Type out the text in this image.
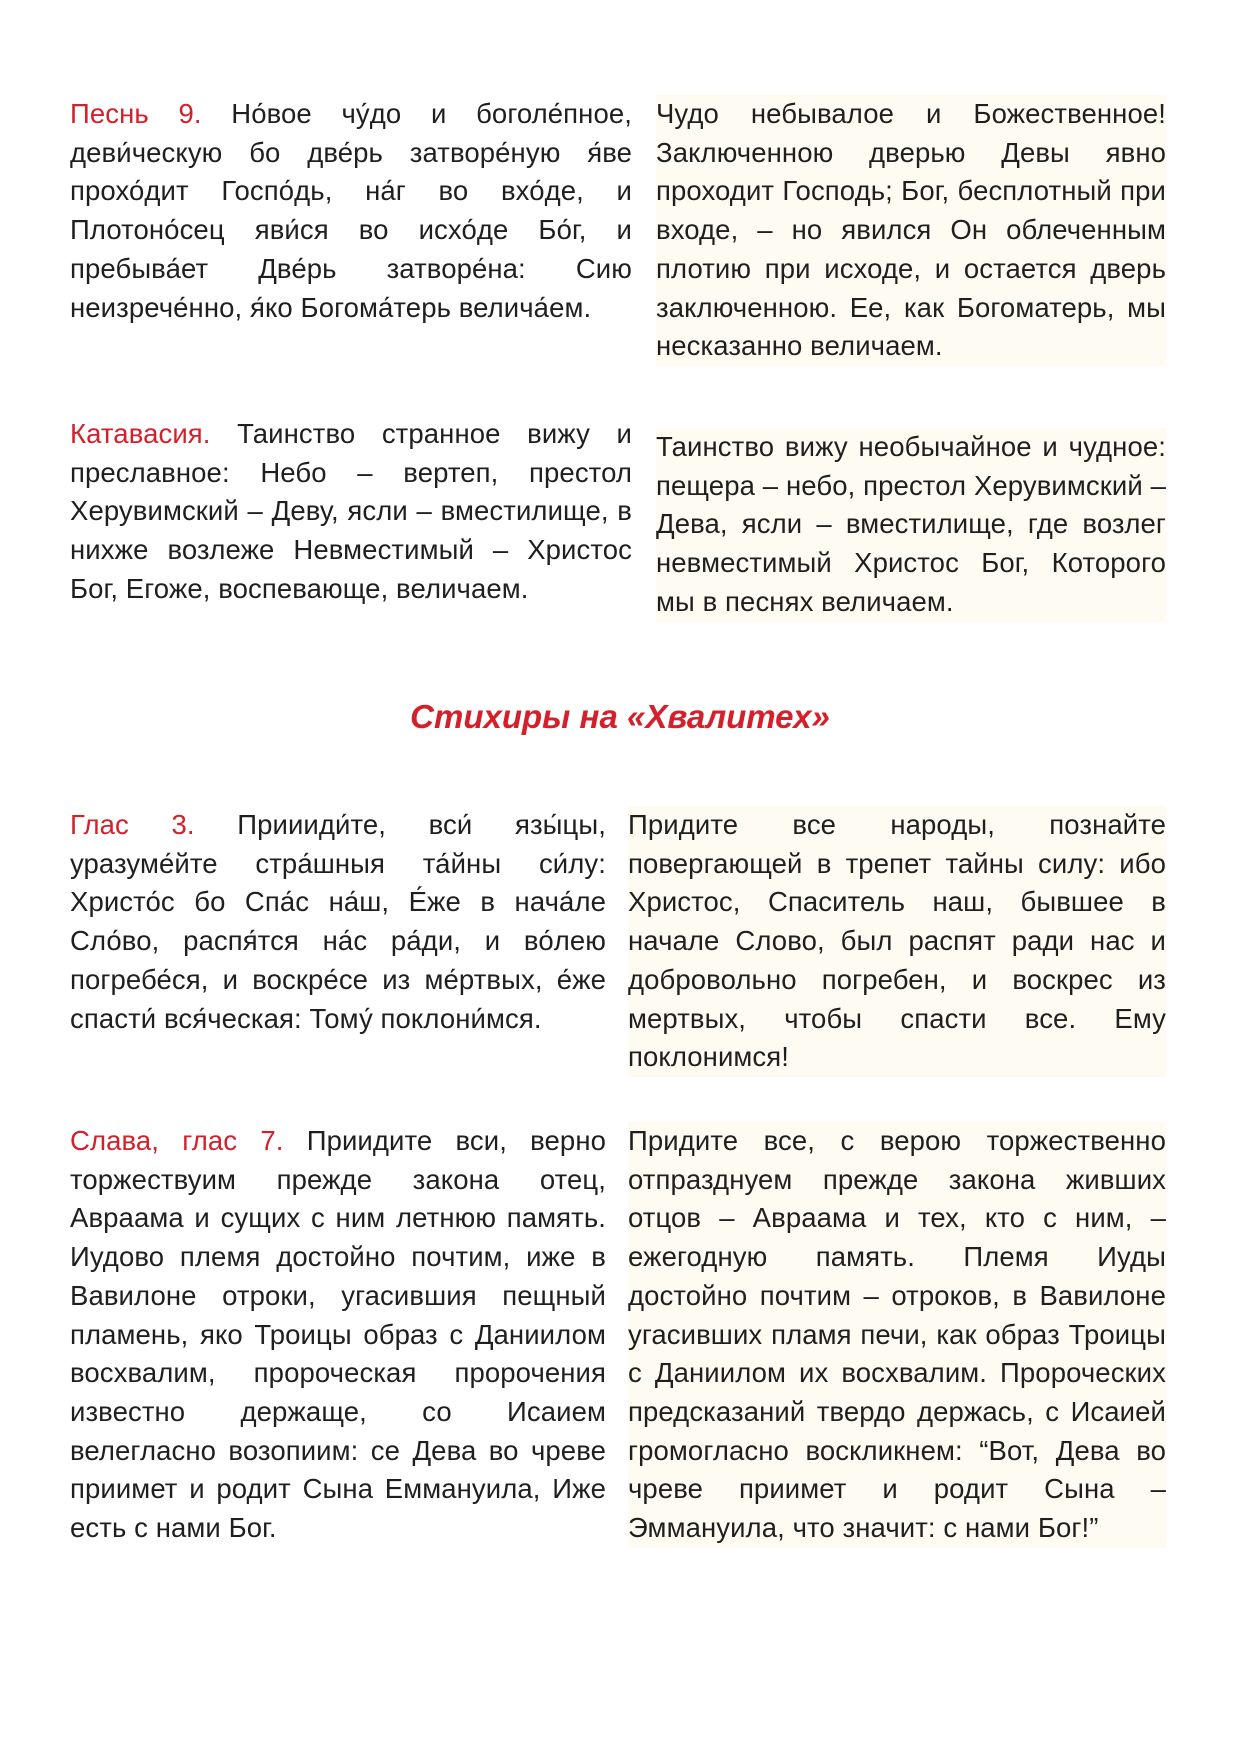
Песнь 9. Но́вое чу́до и боголе́пное, деви́ческую бо две́рь затворе́ную я́ве прохо́дит Госпо́дь, на́г во вхо́де, и Плотоно́сец яви́ся во исхо́де Бо́г, и пребыва́ет Две́рь затворе́на: Сию неизрече́нно, я́ко Богома́терь велича́ем.
Чудо небывалое и Божественное! Заключенною дверью Девы явно проходит Господь; Бог, бесплотный при входе, – но явился Он облеченным плотию при исходе, и остается дверь заключенною. Ее, как Богоматерь, мы несказанно величаем.
Катавасия. Таинство странное вижу и преславное: Небо – вертеп, престол Херувимский – Деву, ясли – вместилище, в нихже возлеже Невместимый – Христос Бог, Егоже, воспевающе, величаем.
Таинство вижу необычайное и чудное: пещера – небо, престол Херувимский – Дева, ясли – вместилище, где возлег невместимый Христос Бог, Которого мы в песнях величаем.
Стихиры на «Хвалитех»
Глас 3. Приииди́те, вси́ язы́цы, уразуме́йте стра́шныя та́йны си́лу: Христо́с бо Спа́с на́ш, Е́же в нача́ле Сло́во, распя́тся на́с ра́ди, и во́лею погребе́ся, и воскре́се из ме́ртвых, е́же спасти́ вся́ческая: Тому́ поклони́мся.
Придите все народы, познайте повергающей в трепет тайны силу: ибо Христос, Спаситель наш, бывшее в начале Слово, был распят ради нас и добровольно погребен, и воскрес из мертвых, чтобы спасти все. Ему поклонимся!
Слава, глас 7. Приидите вси, верно торжествуим прежде закона отец, Авраама и сущих с ним летнюю память. Иудово племя достойно почтим, иже в Вавилоне отроки, угасившия пещный пламень, яко Троицы образ с Даниилом восхвалим, пророческая пророчения известно держаще, со Исаием велегласно возопиим: се Дева во чреве приимет и родит Сына Еммануила, Иже есть с нами Бог.
Придите все, с верою торжественно отпразднуем прежде закона живших отцов – Авраама и тех, кто с ним, – ежегодную память. Племя Иуды достойно почтим – отроков, в Вавилоне угасивших пламя печи, как образ Троицы с Даниилом их восхвалим. Пророческих предсказаний твердо держась, с Исаией громогласно воскликнем: “Вот, Дева во чреве приимет и родит Сына – Эммануила, что значит: с нами Бог!”
